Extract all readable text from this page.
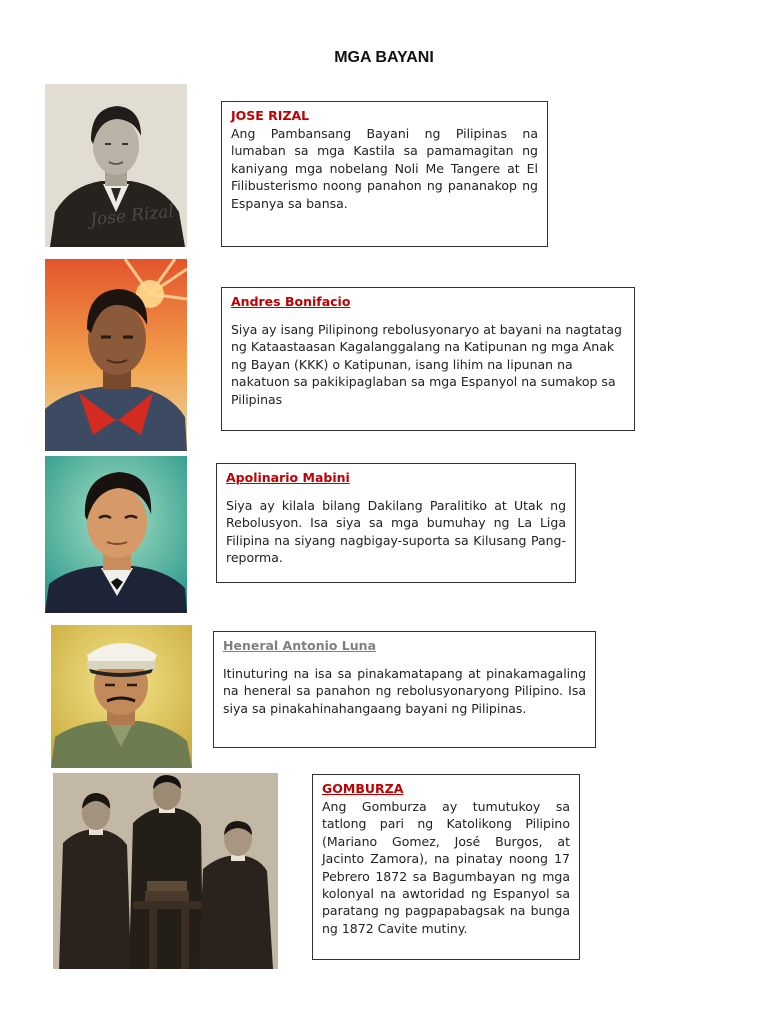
MGA BAYANI
Jose Rizal
JOSE RIZAL

Ang Pambansang Bayani ng Pilipinas na lumaban sa mga Kastila sa pamamagitan ng kaniyang mga nobelang Noli Me Tangere at El Filibusterismo noong panahon ng pananakop ng Espanya sa bansa.

Andres Bonifacio

Siya ay isang Pilipinong rebolusyonaryo at bayani na nagtatag ng Kataastaasan Kagalanggalang na Katipunan ng mga Anak ng Bayan (KKK) o Katipunan, isang lihim na lipunan na nakatuon sa pakikipaglaban sa mga Espanyol na sumakop sa Pilipinas

Apolinario Mabini

Siya ay kilala bilang Dakilang Paralitiko at Utak ng Rebolusyon. Isa siya sa mga bumuhay ng La Liga Filipina na siyang nagbigay-suporta sa Kilusang Pang-reporma.

Heneral Antonio Luna

Itinuturing na isa sa pinakamatapang at pinakamagaling na heneral sa panahon ng rebolusyonaryong Pilipino. Isa siya sa pinakahinahangaang bayani ng Pilipinas.

GOMBURZA

Ang Gomburza ay tumutukoy sa tatlong pari ng Katolikong Pilipino (Mariano Gomez, José Burgos, at Jacinto Zamora), na pinatay noong 17 Pebrero 1872 sa Bagumbayan ng mga kolonyal na awtoridad ng Espanyol sa paratang ng pagpapabagsak na bunga ng 1872 Cavite mutiny.
